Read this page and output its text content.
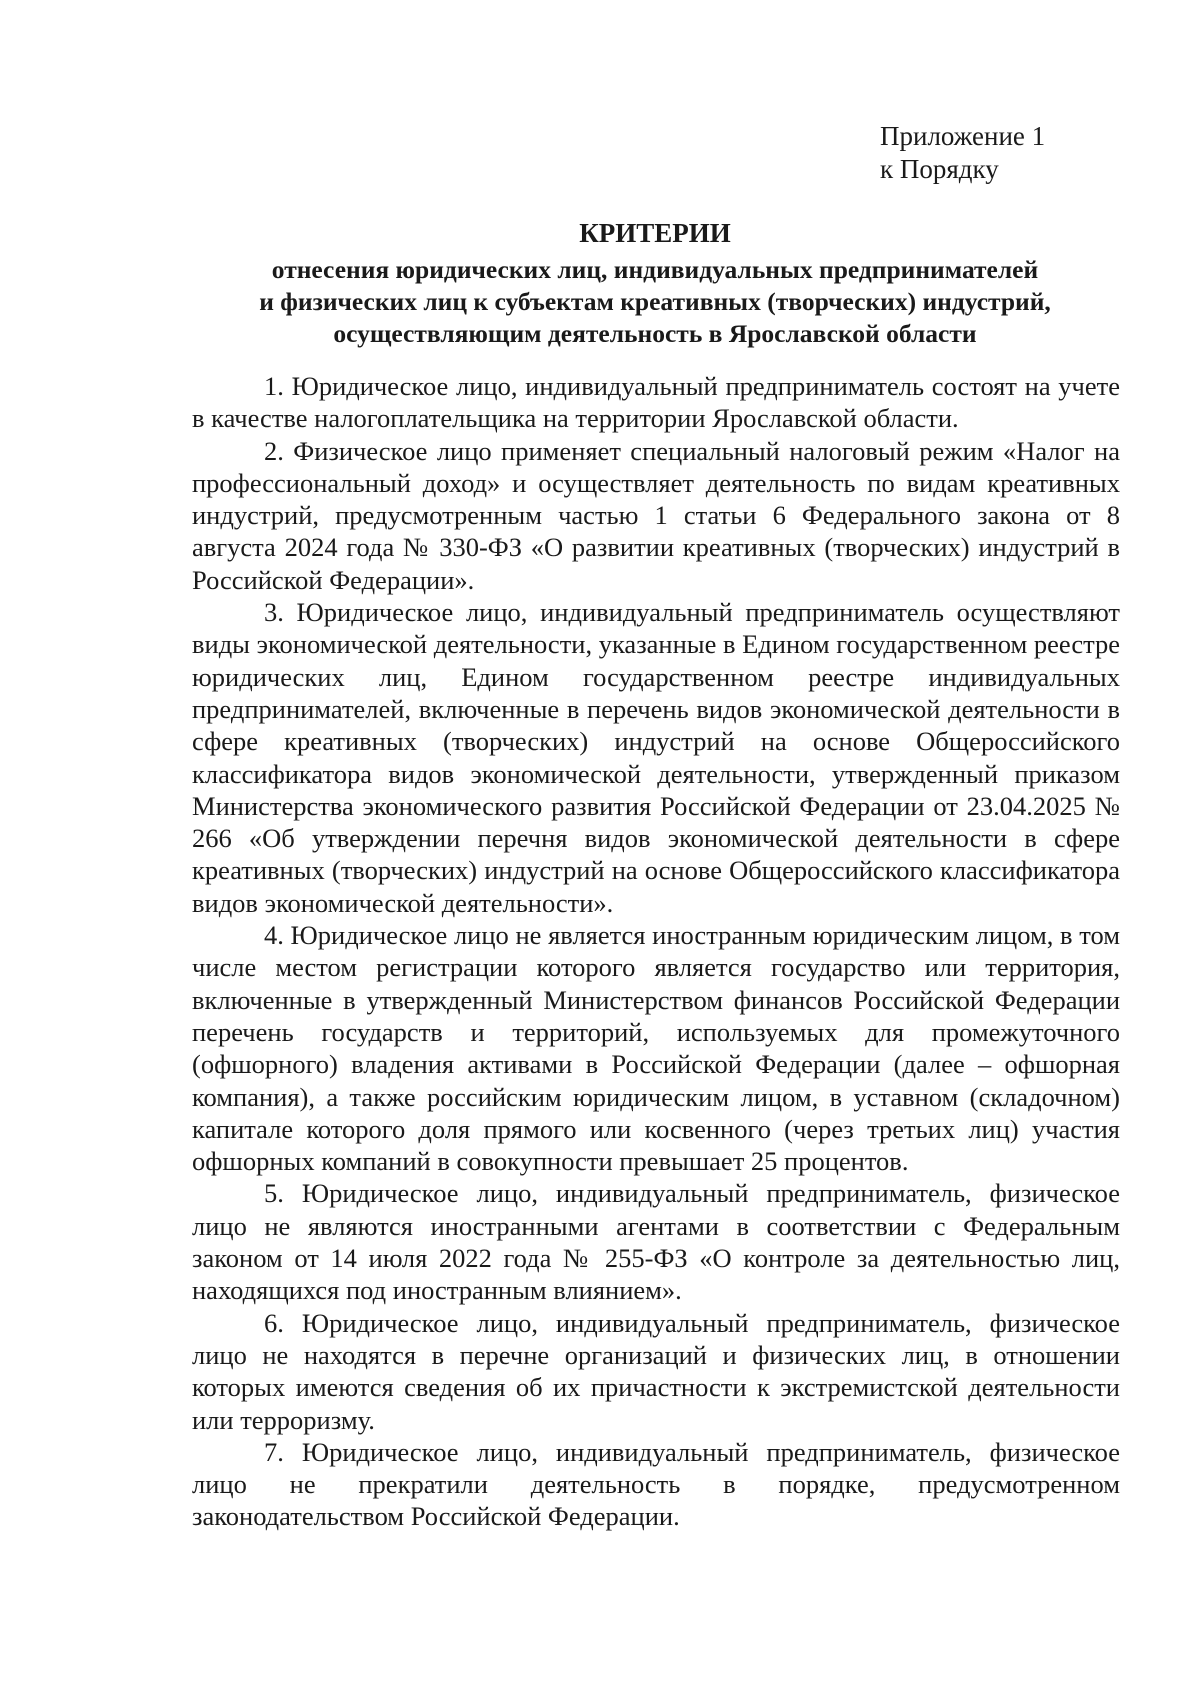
Приложение 1
к Порядку
КРИТЕРИИ
отнесения юридических лиц, индивидуальных предпринимателей
и физических лиц к субъектам креативных (творческих) индустрий,
осуществляющим деятельность в Ярославской области

1. Юридическое лицо, индивидуальный предприниматель состоят на учете в качестве налогоплательщика на территории Ярославской области.

2. Физическое лицо применяет специальный налоговый режим «Налог на профессиональный доход» и осуществляет деятельность по видам креативных индустрий, предусмотренным частью 1 статьи 6 Федерального закона от 8 августа 2024 года № 330-ФЗ «О развитии креативных (творческих) индустрий в Российской Федерации».

3. Юридическое лицо, индивидуальный предприниматель осуществляют виды экономической деятельности, указанные в Едином государственном реестре юридических лиц, Едином государственном реестре индивидуальных предпринимателей, включенные в перечень видов экономической деятельности в сфере креативных (творческих) индустрий на основе Общероссийского классификатора видов экономической деятельности, утвержденный приказом Министерства экономического развития Российской Федерации от 23.04.2025 № 266 «Об утверждении перечня видов экономической деятельности в сфере креативных (творческих) индустрий на основе Общероссийского классификатора видов экономической деятельности».

4. Юридическое лицо не является иностранным юридическим лицом, в том числе местом регистрации которого является государство или территория, включенные в утвержденный Министерством финансов Российской Федерации перечень государств и территорий, используемых для промежуточного (офшорного) владения активами в Российской Федерации (далее – офшорная компания), а также российским юридическим лицом, в уставном (складочном) капитале которого доля прямого или косвенного (через третьих лиц) участия офшорных компаний в совокупности превышает 25 процентов.

5. Юридическое лицо, индивидуальный предприниматель, физическое лицо не являются иностранными агентами в соответствии с Федеральным законом от 14 июля 2022 года № 255-ФЗ «О контроле за деятельностью лиц, находящихся под иностранным влиянием».

6. Юридическое лицо, индивидуальный предприниматель, физическое лицо не находятся в перечне организаций и физических лиц, в отношении которых имеются сведения об их причастности к экстремистской деятельности или терроризму.

7. Юридическое лицо, индивидуальный предприниматель, физическое лицо не прекратили деятельность в порядке, предусмотренном законодательством Российской Федерации.
